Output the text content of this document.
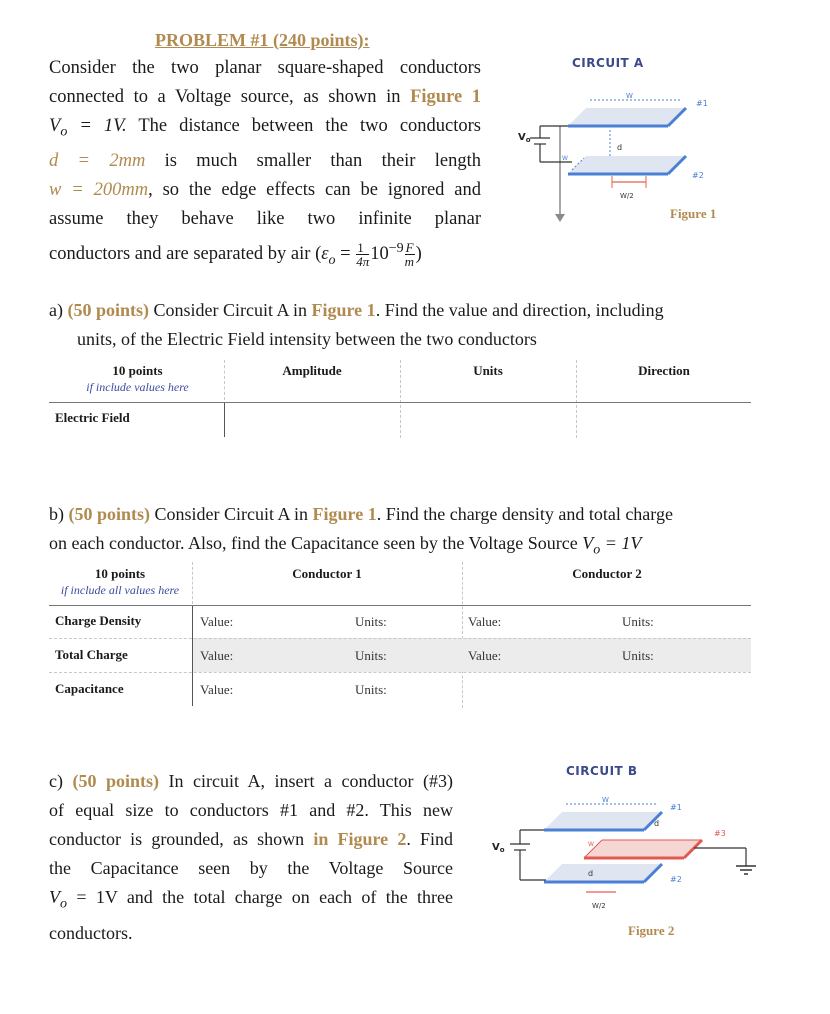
PROBLEM #1 (240 points):
Consider the two planar square-shaped conductors
connected to a Voltage source, as shown in Figure 1
$V_o = 1V$. The distance between the two conductors
d = 2mm is much smaller than their length
w = 200mm, so the edge effects can be ignored and
assume they behave like two infinite planar
conductors and are separated by air ($\varepsilon_o = \frac{1}{4\pi} 10^{-9} \frac{F}{m}$ )
CIRCUIT A
$V_o$
W
#1
d
W
#2
W/2
Figure 1
a) (50 points) Consider Circuit A in Figure 1. Find the value and direction, including
units, of the Electric Field intensity between the two conductors
10 points
if include values here
Amplitude	Units	Direction
Electric Field
b) (50 points) Consider Circuit A in Figure 1. Find the charge density and total charge
on each conductor. Also, find the Capacitance seen by the Voltage Source $V_o = 1V$
10 points
if include all values here
Conductor 1	Conductor 2
Charge Density	Value:	Units:	Value:	Units:
Total Charge	Value:	Units:	Value:	Units:
Capacitance	Value:	Units:
c) (50 points) In circuit A, insert a conductor (#3)
of equal size to conductors #1 and #2. This new
conductor is grounded, as shown in Figure 2. Find
the Capacitance seen by the Voltage Source
$V_o = 1V$ and the total charge on each of the three
conductors.
CIRCUIT B
$V_o$
W
#1
d
W
#3
d
#2
W/2
Figure 2
